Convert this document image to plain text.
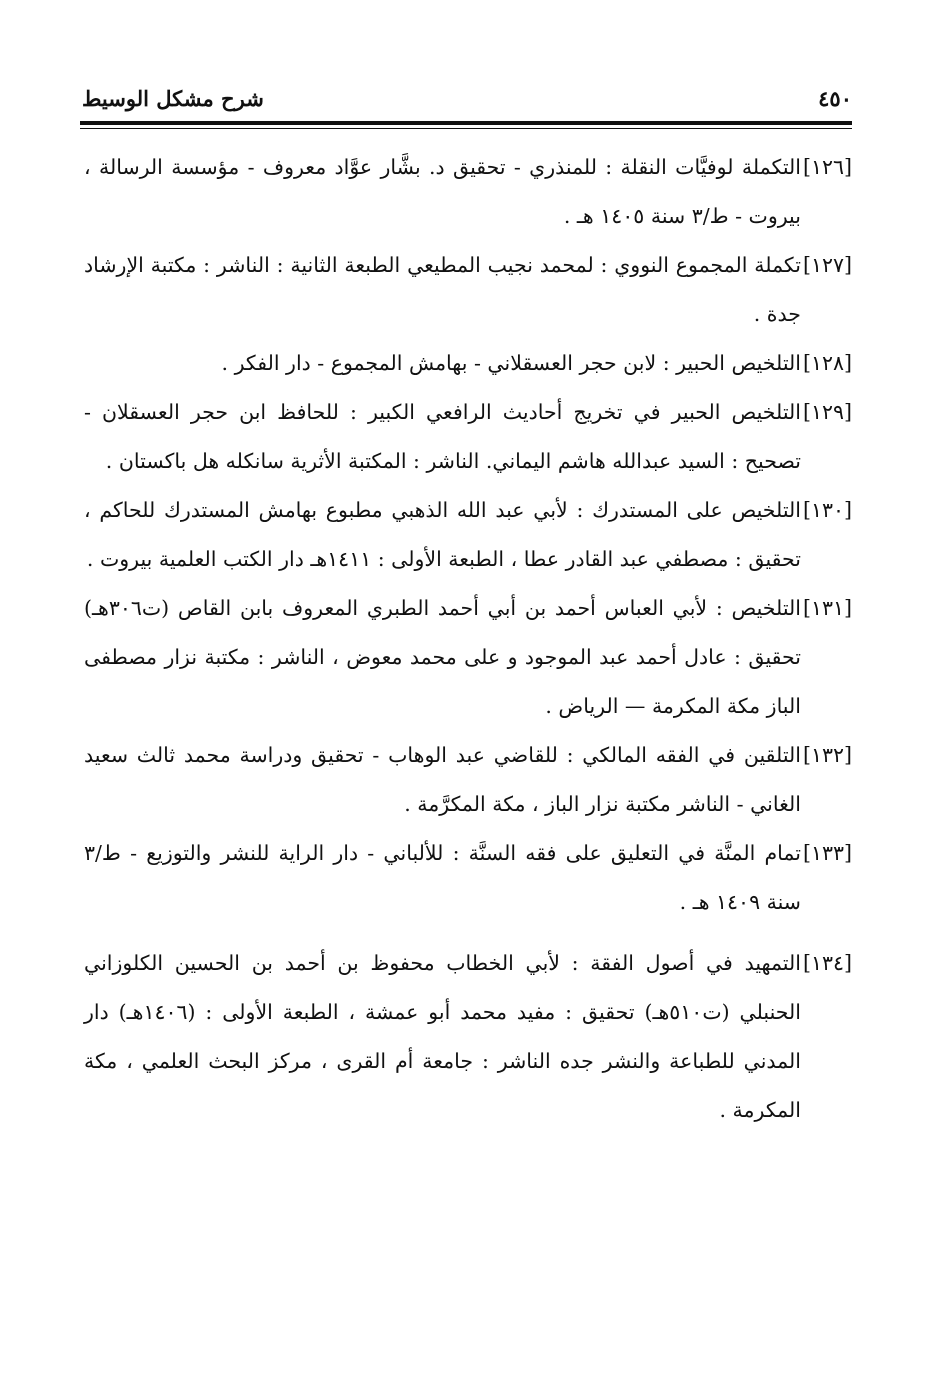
٤٥٠
شرح مشكل الوسيط
[١٢٦]
التكملة لوفيَّات النقلة : للمنذري - تحقيق د. بشَّار عوَّاد معروف - مؤسسة الرسالة ، بيروت - ط/٣ سنة ١٤٠٥ هـ .
[١٢٧]
تكملة المجموع النووي : لمحمد نجيب المطيعي الطبعة الثانية : الناشر : مكتبة الإرشاد جدة .
[١٢٨]
التلخيص الحبير : لابن حجر العسقلاني - بهامش المجموع - دار الفكر .
[١٢٩]
التلخيص الحبير في تخريج أحاديث الرافعي الكبير : للحافظ ابن حجر العسقلان - تصحيح : السيد عبدالله هاشم اليماني. الناشر : المكتبة الأثرية سانكله هل باكستان .
[١٣٠]
التلخيص على المستدرك : لأبي عبد الله الذهبي مطبوع بهامش المستدرك للحاكم ، تحقيق : مصطفي عبد القادر عطا ، الطبعة الأولى : ١٤١١هـ دار الكتب العلمية بيروت .
[١٣١]
التلخيص : لأبي العباس أحمد بن أبي أحمد الطبري المعروف بابن القاص (ت٣٠٦هـ) تحقيق : عادل أحمد عبد الموجود و على محمد معوض ، الناشر : مكتبة نزار مصطفى الباز مكة المكرمة — الرياض .
[١٣٢]
التلقين في الفقه المالكي : للقاضي عبد الوهاب - تحقيق ودراسة محمد ثالث سعيد الغاني - الناشر مكتبة نزار الباز ، مكة المكرَّمة .
[١٣٣]
تمام المنَّة في التعليق على فقه السنَّة : للألباني - دار الراية للنشر والتوزيع - ط/٣ سنة ١٤٠٩ هـ .
[١٣٤]
التمهيد في أصول الفقة : لأبي الخطاب محفوظ بن أحمد بن الحسين الكلوزاني الحنبلي (ت٥١٠هـ) تحقيق : مفيد محمد أبو عمشة ، الطبعة الأولى : (١٤٠٦هـ) دار المدني للطباعة والنشر جده الناشر : جامعة أم القرى ، مركز البحث العلمي ، مكة المكرمة .
